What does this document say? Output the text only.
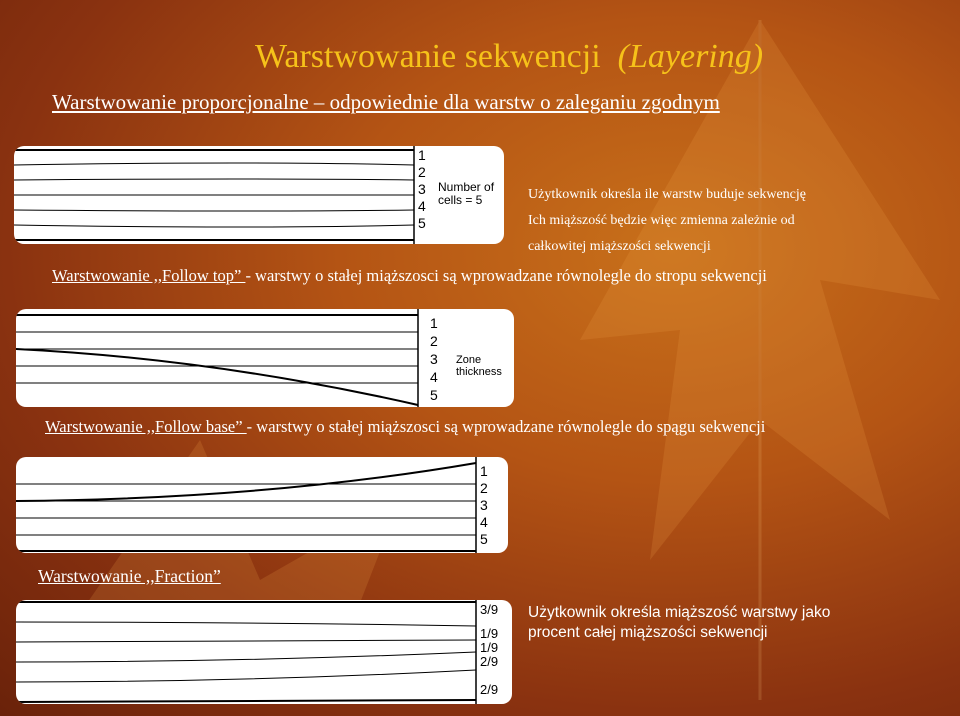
Warstwowanie sekwencji (Layering)
Warstwowanie proporcjonalne – odpowiednie dla warstw o zaleganiu zgodnym
1
2
3
4
5
Number of
cells = 5	Użytkownik określa ile warstw buduje sekwencję
Ich miąższość będzie więc zmienna zależnie od
całkowitej miąższości sekwencji
Warstwowanie ,,Follow top” - warstwy o stałej miąższosci są wprowadzane równolegle do stropu sekwencji
1
2
3
4
5
Zone
thickness
Warstwowanie ,,Follow base” - warstwy o stałej miąższosci są wprowadzane równolegle do spągu sekwencji
1
2
3
4
5
Warstwowanie ,,Fraction”
3/9
1/9
1/9
2/9
2/9
Użytkownik określa miąższość warstwy jako
procent całej miąższości sekwencji
